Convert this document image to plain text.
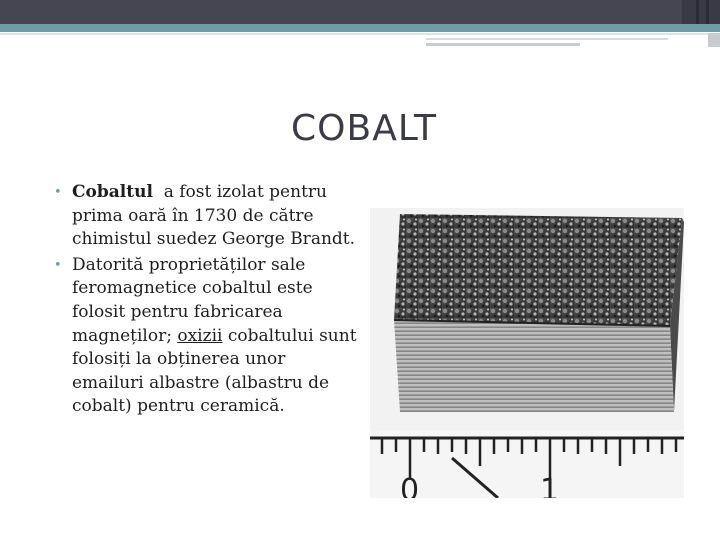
COBALT
• Cobaltul  a fost izolat pentru prima oară în 1730 de către chimistul suedez George Brandt.
• Datorită proprietăților sale feromagnetice cobaltul este folosit pentru fabricarea magneților; oxizii cobaltului sunt folosiți la obținerea unor emailuri albastre (albastru de cobalt) pentru ceramică.
0	1
